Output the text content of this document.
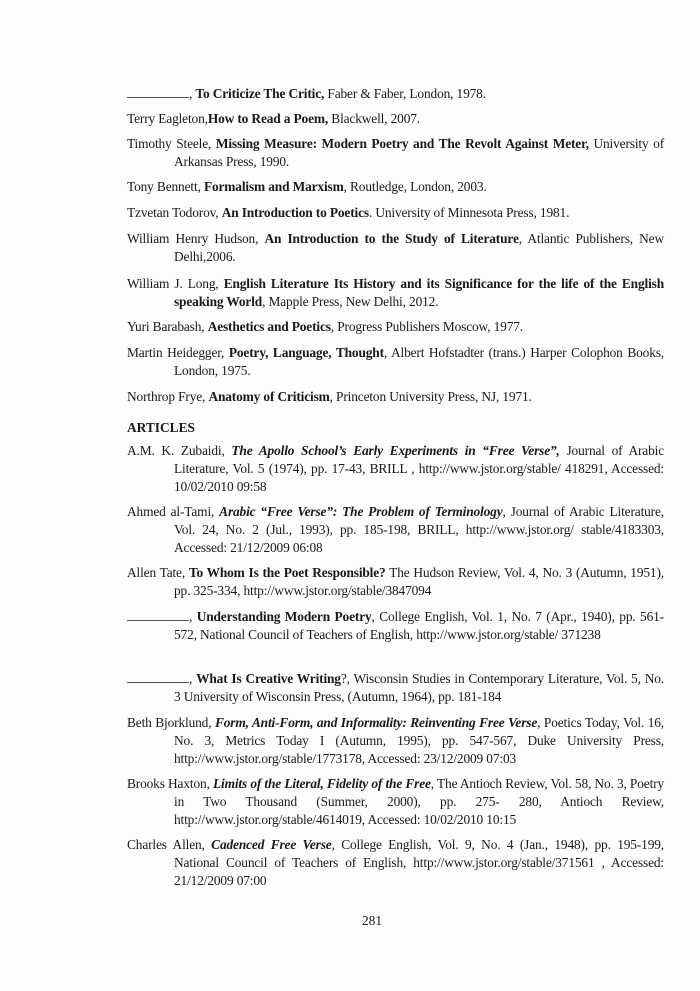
, To Criticize The Critic, Faber & Faber, London, 1978.
Terry Eagleton,How to Read a Poem, Blackwell, 2007.
Timothy Steele, Missing Measure: Modern Poetry and The Revolt Against Meter, University of Arkansas Press, 1990.
Tony Bennett, Formalism and Marxism, Routledge, London, 2003.
Tzvetan Todorov, An Introduction to Poetics. University of Minnesota Press, 1981.
William Henry Hudson, An Introduction to the Study of Literature, Atlantic Publishers, New Delhi,2006.
William J. Long, English Literature Its History and its Significance for the life of the English speaking World, Mapple Press, New Delhi, 2012.
Yuri Barabash, Aesthetics and Poetics, Progress Publishers Moscow, 1977.
Martin Heidegger, Poetry, Language, Thought, Albert Hofstadter (trans.) Harper Colophon Books, London, 1975.
Northrop Frye, Anatomy of Criticism, Princeton University Press, NJ, 1971.
ARTICLES
A.M. K. Zubaidi, The Apollo School’s Early Experiments in “Free Verse”, Journal of Arabic Literature, Vol. 5 (1974), pp. 17-43, BRILL , http://www.jstor.org/stable/ 418291, Accessed: 10/02/2010 09:58
Ahmed al-Tami, Arabic “Free Verse”: The Problem of Terminology, Journal of Arabic Literature, Vol. 24, No. 2 (Jul., 1993), pp. 185-198, BRILL, http://www.jstor.org/ stable/4183303, Accessed: 21/12/2009 06:08
Allen Tate, To Whom Is the Poet Responsible? The Hudson Review, Vol. 4, No. 3 (Autumn, 1951), pp. 325-334, http://www.jstor.org/stable/3847094
, Understanding Modern Poetry, College English, Vol. 1, No. 7 (Apr., 1940), pp. 561-572, National Council of Teachers of English, http://www.jstor.org/stable/ 371238
, What Is Creative Writing?, Wisconsin Studies in Contemporary Literature, Vol. 5, No. 3 University of Wisconsin Press, (Autumn, 1964), pp. 181-184
Beth Bjorklund, Form, Anti-Form, and Informality: Reinventing Free Verse, Poetics Today, Vol. 16, No. 3, Metrics Today I (Autumn, 1995), pp. 547-567, Duke University Press, http://www.jstor.org/stable/1773178, Accessed: 23/12/2009 07:03
Brooks Haxton, Limits of the Literal, Fidelity of the Free, The Antioch Review, Vol. 58, No. 3, Poetry in Two Thousand (Summer, 2000), pp. 275- 280, Antioch Review, http://www.jstor.org/stable/4614019, Accessed: 10/02/2010 10:15
Charles Allen, Cadenced Free Verse, College English, Vol. 9, No. 4 (Jan., 1948), pp. 195-199, National Council of Teachers of English, http://www.jstor.org/stable/371561 , Accessed: 21/12/2009 07:00
281
